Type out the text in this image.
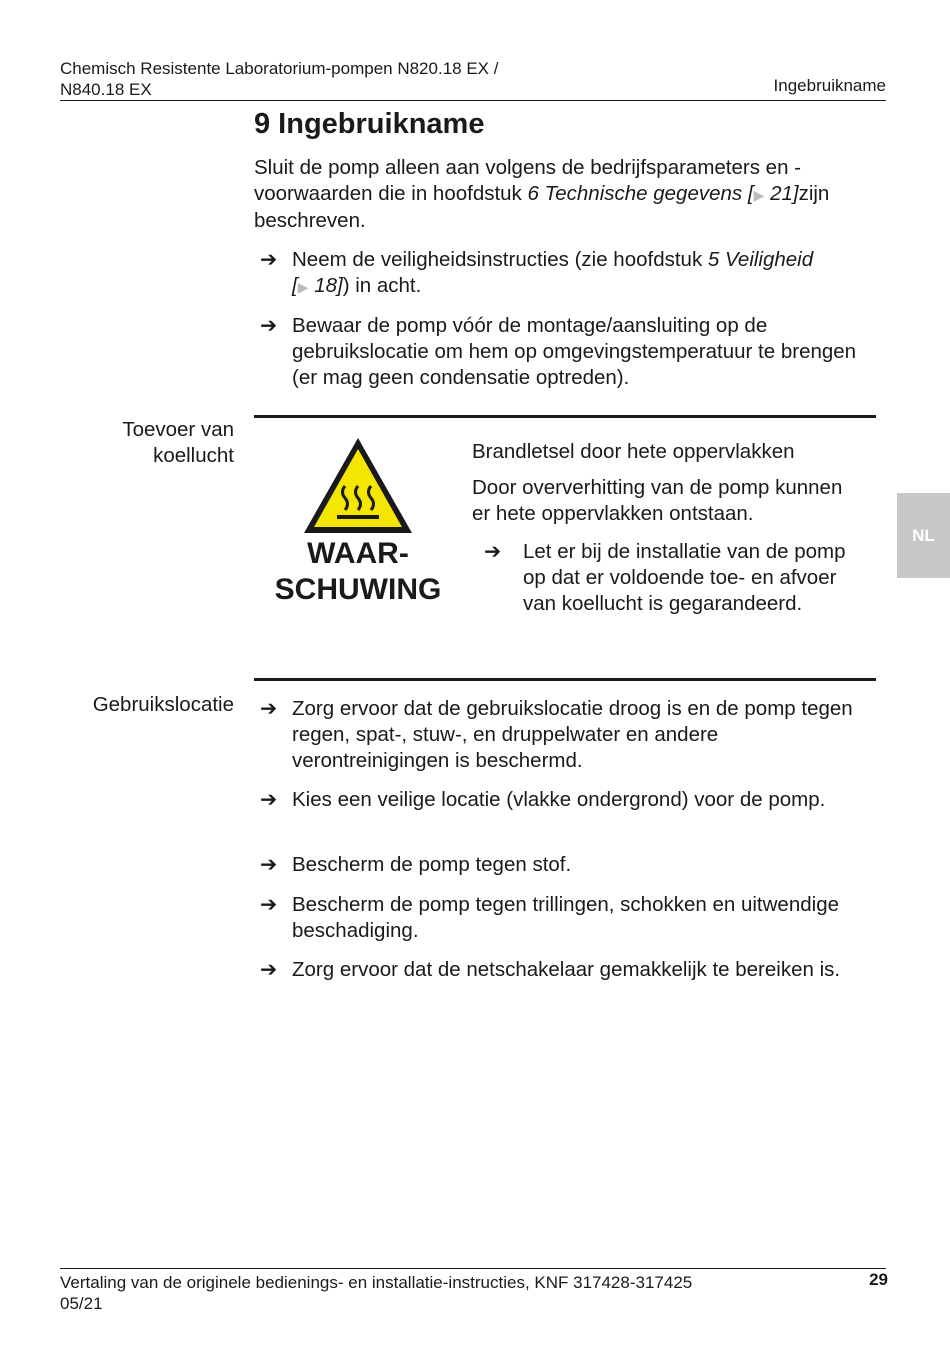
Chemisch Resistente Laboratorium-pompen N820.18 EX /
N840.18 EX	Ingebruikname
NL
9 Ingebruikname
Sluit de pomp alleen aan volgens de bedrijfsparameters en -voorwaarden die in hoofdstuk 6 Technische gegevens [▶ 21]zijn beschreven.
➔ Neem de veiligheidsinstructies (zie hoofdstuk 5 Veiligheid
[▶ 18]) in acht.
➔ Bewaar de pomp vóór de montage/aansluiting op de gebruikslocatie om hem op omgevingstemperatuur te brengen (er mag geen condensatie optreden).
Toevoer van
koellucht
WAAR-
SCHUWING
Brandletsel door hete oppervlakken
Door oververhitting van de pomp kunnen er hete oppervlakken ontstaan.
➔ Let er bij de installatie van de pomp op dat er voldoende toe- en afvoer van koellucht is gegarandeerd.
Gebruikslocatie ➔ Zorg ervoor dat de gebruikslocatie droog is en de pomp tegen regen, spat-, stuw-, en druppelwater en andere verontreinigingen is beschermd.
➔ Kies een veilige locatie (vlakke ondergrond) voor de pomp.
➔ Bescherm de pomp tegen stof.
➔ Bescherm de pomp tegen trillingen, schokken en uitwendige beschadiging.
➔ Zorg ervoor dat de netschakelaar gemakkelijk te bereiken is.
Vertaling van de originele bedienings- en installatie-instructies, KNF 317428-317425
05/21
29
